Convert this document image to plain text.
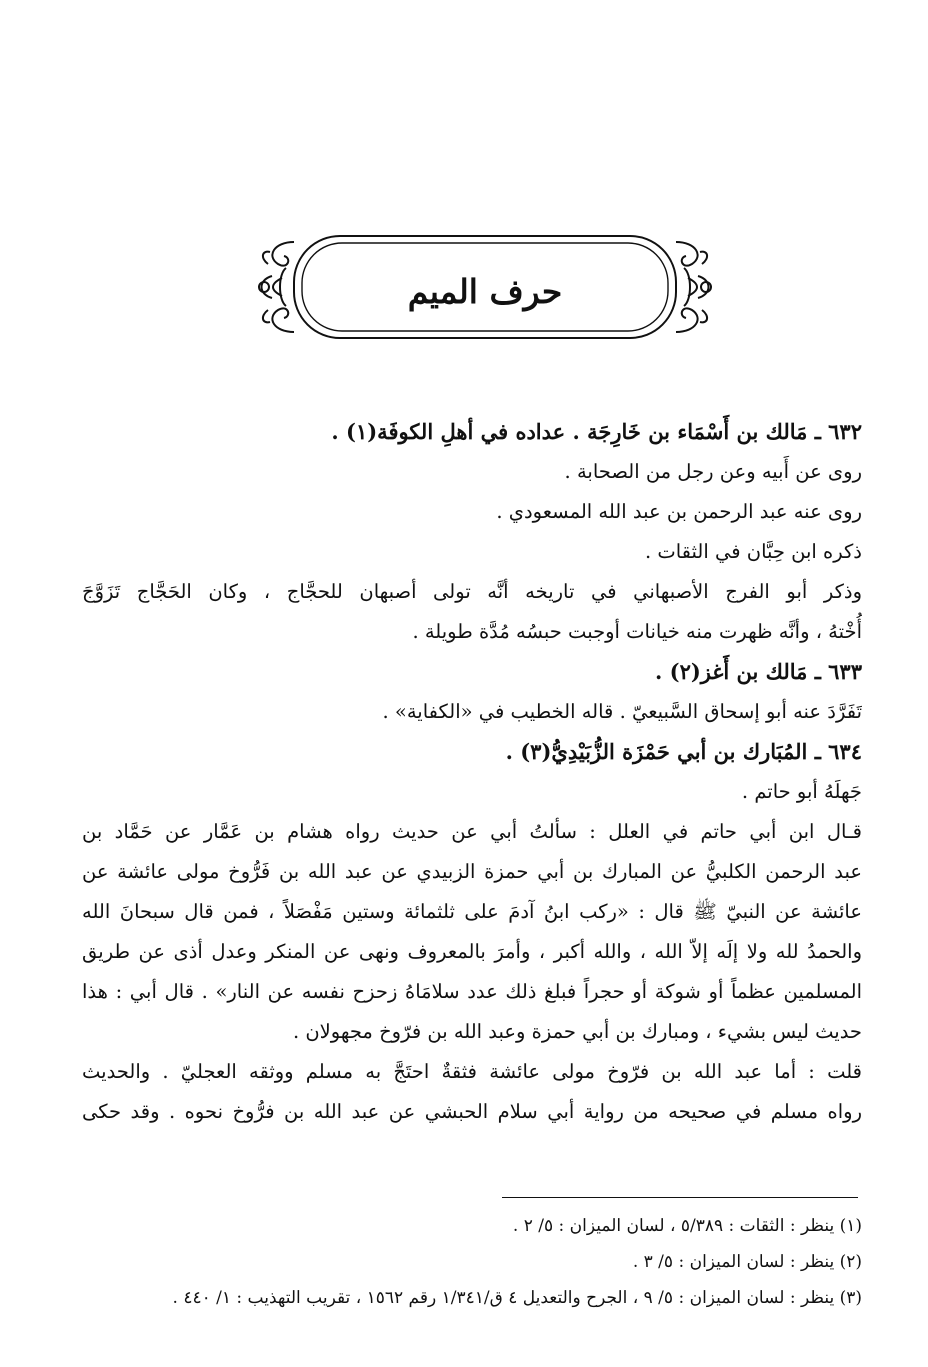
حرف الميم
٦٣٢ ـ مَالك بن أَسْمَاء بن خَارِجَة . عداده في أهلِ الكوفَة(١) .
روى عن أَبيه وعن رجل من الصحابة .
روى عنه عبد الرحمن بن عبد الله المسعودي .
ذكره ابن حِبَّان في الثقات .
وذكر أبو الفرج الأصبهاني في تاريخه أنَّه تولى أصبهان للحجَّاج ، وكان الحَجَّاج تَزَوَّجَ
أُخْتهُ ، وأنَّه ظهرت منه خيانات أوجبت حبسُه مُدَّة طويلة .
٦٣٣ ـ مَالك بن أَغز(٢) .
تَفَرَّدَ عنه أبو إسحاق السَّبيعيّ . قاله الخطيب في «الكفاية» .
٦٣٤ ـ المُبَارك بن أبي حَمْزَة الزُّبَيْدِيُّ(٣) .
جَهلَهُ أبو حاتم .
قـال ابن أبي حاتم في العلل : سألتُ أبي عن حديث رواه هشام بن عَمَّار عن حَمَّاد بن
عبد الرحمن الكلبيُّ عن المبارك بن أبي حمزة الزبيدي عن عبد الله بن فَرُّوخ مولى عائشة عن
عائشة عن النبيّ ﷺ قال : «ركب ابنُ آدمَ على ثلثمائة وستين مَفْصَلاً ، فمن قال سبحانَ الله
والحمدُ لله ولا إلَه إلاّ الله ، والله أكبر ، وأمرَ بالمعروف ونهى عن المنكر وعدل أذى عن طريق
المسلمين عظماً أو شوكة أو حجراً فبلغ ذلك عدد سلامَاهُ زحزح نفسه عن النار» . قال أبي : هذا
حديث ليس بشيء ، ومبارك بن أبي حمزة وعبد الله بن فرّوخ مجهولان .
قلت : أما عبد الله بن فرّوخ مولى عائشة فثقةٌ احتَجَّ به مسلم ووثقه العجليّ . والحديث
رواه مسلم في صحيحه من رواية أبي سلام الحبشي عن عبد الله بن فرُّوخ نحوه . وقد حكى
(١) ينظر : الثقات : ٥/٣٨٩ ، لسان الميزان : ٥/ ٢ .
(٢) ينظر : لسان الميزان : ٥/ ٣ .
(٣) ينظر : لسان الميزان : ٥/ ٩ ، الجرح والتعديل ٤ ق/١/٣٤١ رقم ١٥٦٢ ، تقريب التهذيب : ١/ ٤٤٠ .
